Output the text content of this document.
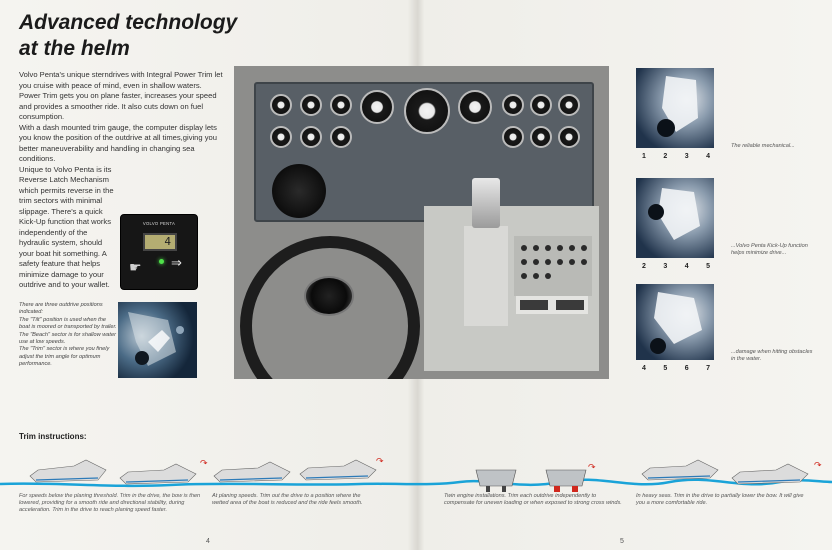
Advanced technology
at the helm

Volvo Penta's unique sterndrives with Integral Power Trim let you cruise with peace of mind, even in shallow waters.

Power Trim gets you on plane faster, increases your speed and provides a smoother ride. It also cuts down on fuel consumption.

With a dash mounted trim gauge, the computer display lets you know the position of the outdrive at all times,giving you better maneuverability and handling in changing sea conditions.

Unique to Volvo Penta is its Reverse Latch Mechanism which permits reverse in the trim sectors with minimal slippage. There's a quick Kick-Up function that works independently of the hydraulic system, should your boat hit something. A safety feature that helps minimize damage to your outdrive and to your wallet.

VOLVO PENTA
4
☛ ⇒

There are three outdrive positions indicated:

The "Tilt" position is used when the boat is moored or transported by trailer.

The "Beach" sector is for shallow water use at low speeds.

The "Trim" sector is where you finely adjust the trim angle for optimum performance.

1 2 3 4
The reliable mechanical...
2 3 4 5
...Volvo Penta Kick-Up function helps minimize drive...
4 5 6 7
...damage when hitting obstacles in the water.
Trim instructions:
↷	↷
↷	↷
For speeds below the planing threshold. Trim in the drive, the bow is then lowered, providing for a smooth ride and directional stability, during acceleration. Trim in the drive to reach planing speed faster.
At planing speeds. Trim out the drive to a position where the wetted area of the boat is reduced and the ride feels smooth.
Twin engine installations. Trim each outdrive independently to compensate for uneven loading or when exposed to strong cross winds.
In heavy seas. Trim in the drive to partially lower the bow. It will give you a more comfortable ride.
4	5
